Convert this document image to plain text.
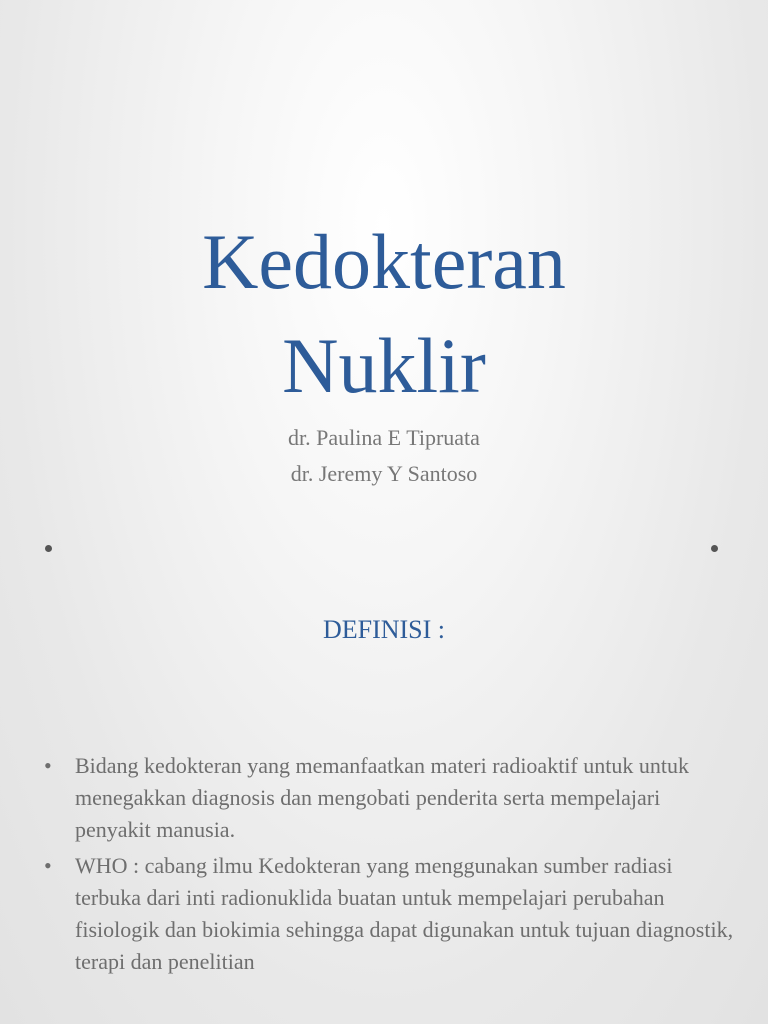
Kedokteran
Nuklir
dr. Paulina E Tipruata
dr. Jeremy Y Santoso
DEFINISI :
• Bidang kedokteran yang memanfaatkan materi radioaktif untuk untuk menegakkan diagnosis dan mengobati penderita serta mempelajari penyakit manusia.
• WHO : cabang ilmu Kedokteran yang menggunakan sumber radiasi terbuka dari inti radionuklida buatan untuk mempelajari perubahan fisiologik dan biokimia sehingga dapat digunakan untuk tujuan diagnostik, terapi dan penelitian
